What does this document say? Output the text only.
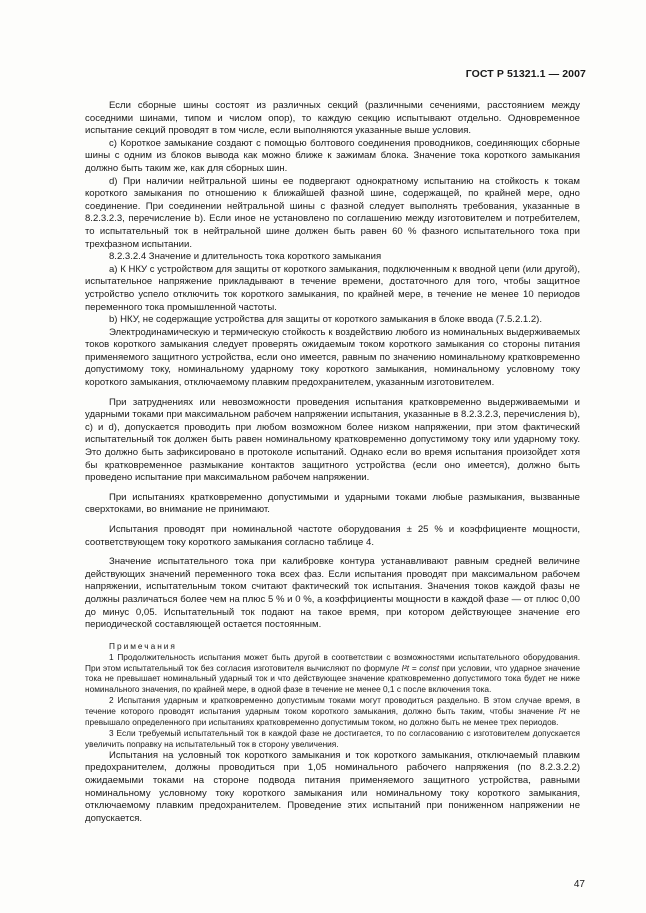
ГОСТ Р 51321.1 — 2007

Если сборные шины состоят из различных секций (различными сечениями, расстоянием между соседними шинами, типом и числом опор), то каждую секцию испытывают отдельно. Одновременное испытание секций проводят в том числе, если выполняются указанные выше условия.

с) Короткое замыкание создают с помощью болтового соединения проводников, соединяющих сборные шины с одним из блоков вывода как можно ближе к зажимам блока. Значение тока короткого замыкания должно быть таким же, как для сборных шин.

d) При наличии нейтральной шины ее подвергают однократному испытанию на стойкость к токам короткого замыкания по отношению к ближайшей фазной шине, содержащей, по крайней мере, одно соединение. При соединении нейтральной шины с фазной следует выполнять требования, указанные в 8.2.3.2.3, перечисление b). Если иное не установлено по соглашению между изготовителем и потребителем, то испытательный ток в нейтральной шине должен быть равен 60 % фазного испытательного тока при трехфазном испытании.

8.2.3.2.4 Значение и длительность тока короткого замыкания

а) К НКУ с устройством для защиты от короткого замыкания, подключенным к вводной цепи (или другой), испытательное напряжение прикладывают в течение времени, достаточного для того, чтобы защитное устройство успело отключить ток короткого замыкания, по крайней мере, в течение не менее 10 периодов переменного тока промышленной частоты.

b) НКУ, не содержащие устройства для защиты от короткого замыкания в блоке ввода (7.5.2.1.2).

Электродинамическую и термическую стойкость к воздействию любого из номинальных выдерживаемых токов короткого замыкания следует проверять ожидаемым током короткого замыкания со стороны питания применяемого защитного устройства, если оно имеется, равным по значению номинальному кратковременно допустимому току, номинальному ударному току короткого замыкания, номинальному условному току короткого замыкания, отключаемому плавким предохранителем, указанным изготовителем.

При затруднениях или невозможности проведения испытания кратковременно выдерживаемыми и ударными токами при максимальном рабочем напряжении испытания, указанные в 8.2.3.2.3, перечисления b), с) и d), допускается проводить при любом возможном более низком напряжении, при этом фактический испытательный ток должен быть равен номинальному кратковременно допустимому току или ударному току. Это должно быть зафиксировано в протоколе испытаний. Однако если во время испытания произойдет хотя бы кратковременное размыкание контактов защитного устройства (если оно имеется), должно быть проведено испытание при максимальном рабочем напряжении.

При испытаниях кратковременно допустимыми и ударными токами любые размыкания, вызванные сверхтоками, во внимание не принимают.

Испытания проводят при номинальной частоте оборудования ± 25 % и коэффициенте мощности, соответствующем току короткого замыкания согласно таблице 4.

Значение испытательного тока при калибровке контура устанавливают равным средней величине действующих значений переменного тока всех фаз. Если испытания проводят при максимальном рабочем напряжении, испытательным током считают фактический ток испытания. Значения токов каждой фазы не должны различаться более чем на плюс 5 % и 0 %, а коэффициенты мощности в каждой фазе — от плюс 0,00 до минус 0,05. Испытательный ток подают на такое время, при котором действующее значение его периодической составляющей остается постоянным.

Примечания

1 Продолжительность испытания может быть другой в соответствии с возможностями испытательного оборудования. При этом испытательный ток без согласия изготовителя вычисляют по формуле I²t = const при условии, что ударное значение тока не превышает номинальный ударный ток и что действующее значение кратковременно допустимого тока будет не ниже номинального значения, по крайней мере, в одной фазе в течение не менее 0,1 с после включения тока.

2 Испытания ударным и кратковременно допустимым токами могут проводиться раздельно. В этом случае время, в течение которого проводят испытания ударным током короткого замыкания, должно быть таким, чтобы значение I²t не превышало определенного при испытаниях кратковременно допустимым током, но должно быть не менее трех периодов.

3 Если требуемый испытательный ток в каждой фазе не достигается, то по согласованию с изготовителем допускается увеличить поправку на испытательный ток в сторону увеличения.

Испытания на условный ток короткого замыкания и ток короткого замыкания, отключаемый плавким предохранителем, должны проводиться при 1,05 номинального рабочего напряжения (по 8.2.3.2.2) ожидаемыми токами на стороне подвода питания применяемого защитного устройства, равными номинальному условному току короткого замыкания или номинальному току короткого замыкания, отключаемому плавким предохранителем. Проведение этих испытаний при пониженном напряжении не допускается.

47
